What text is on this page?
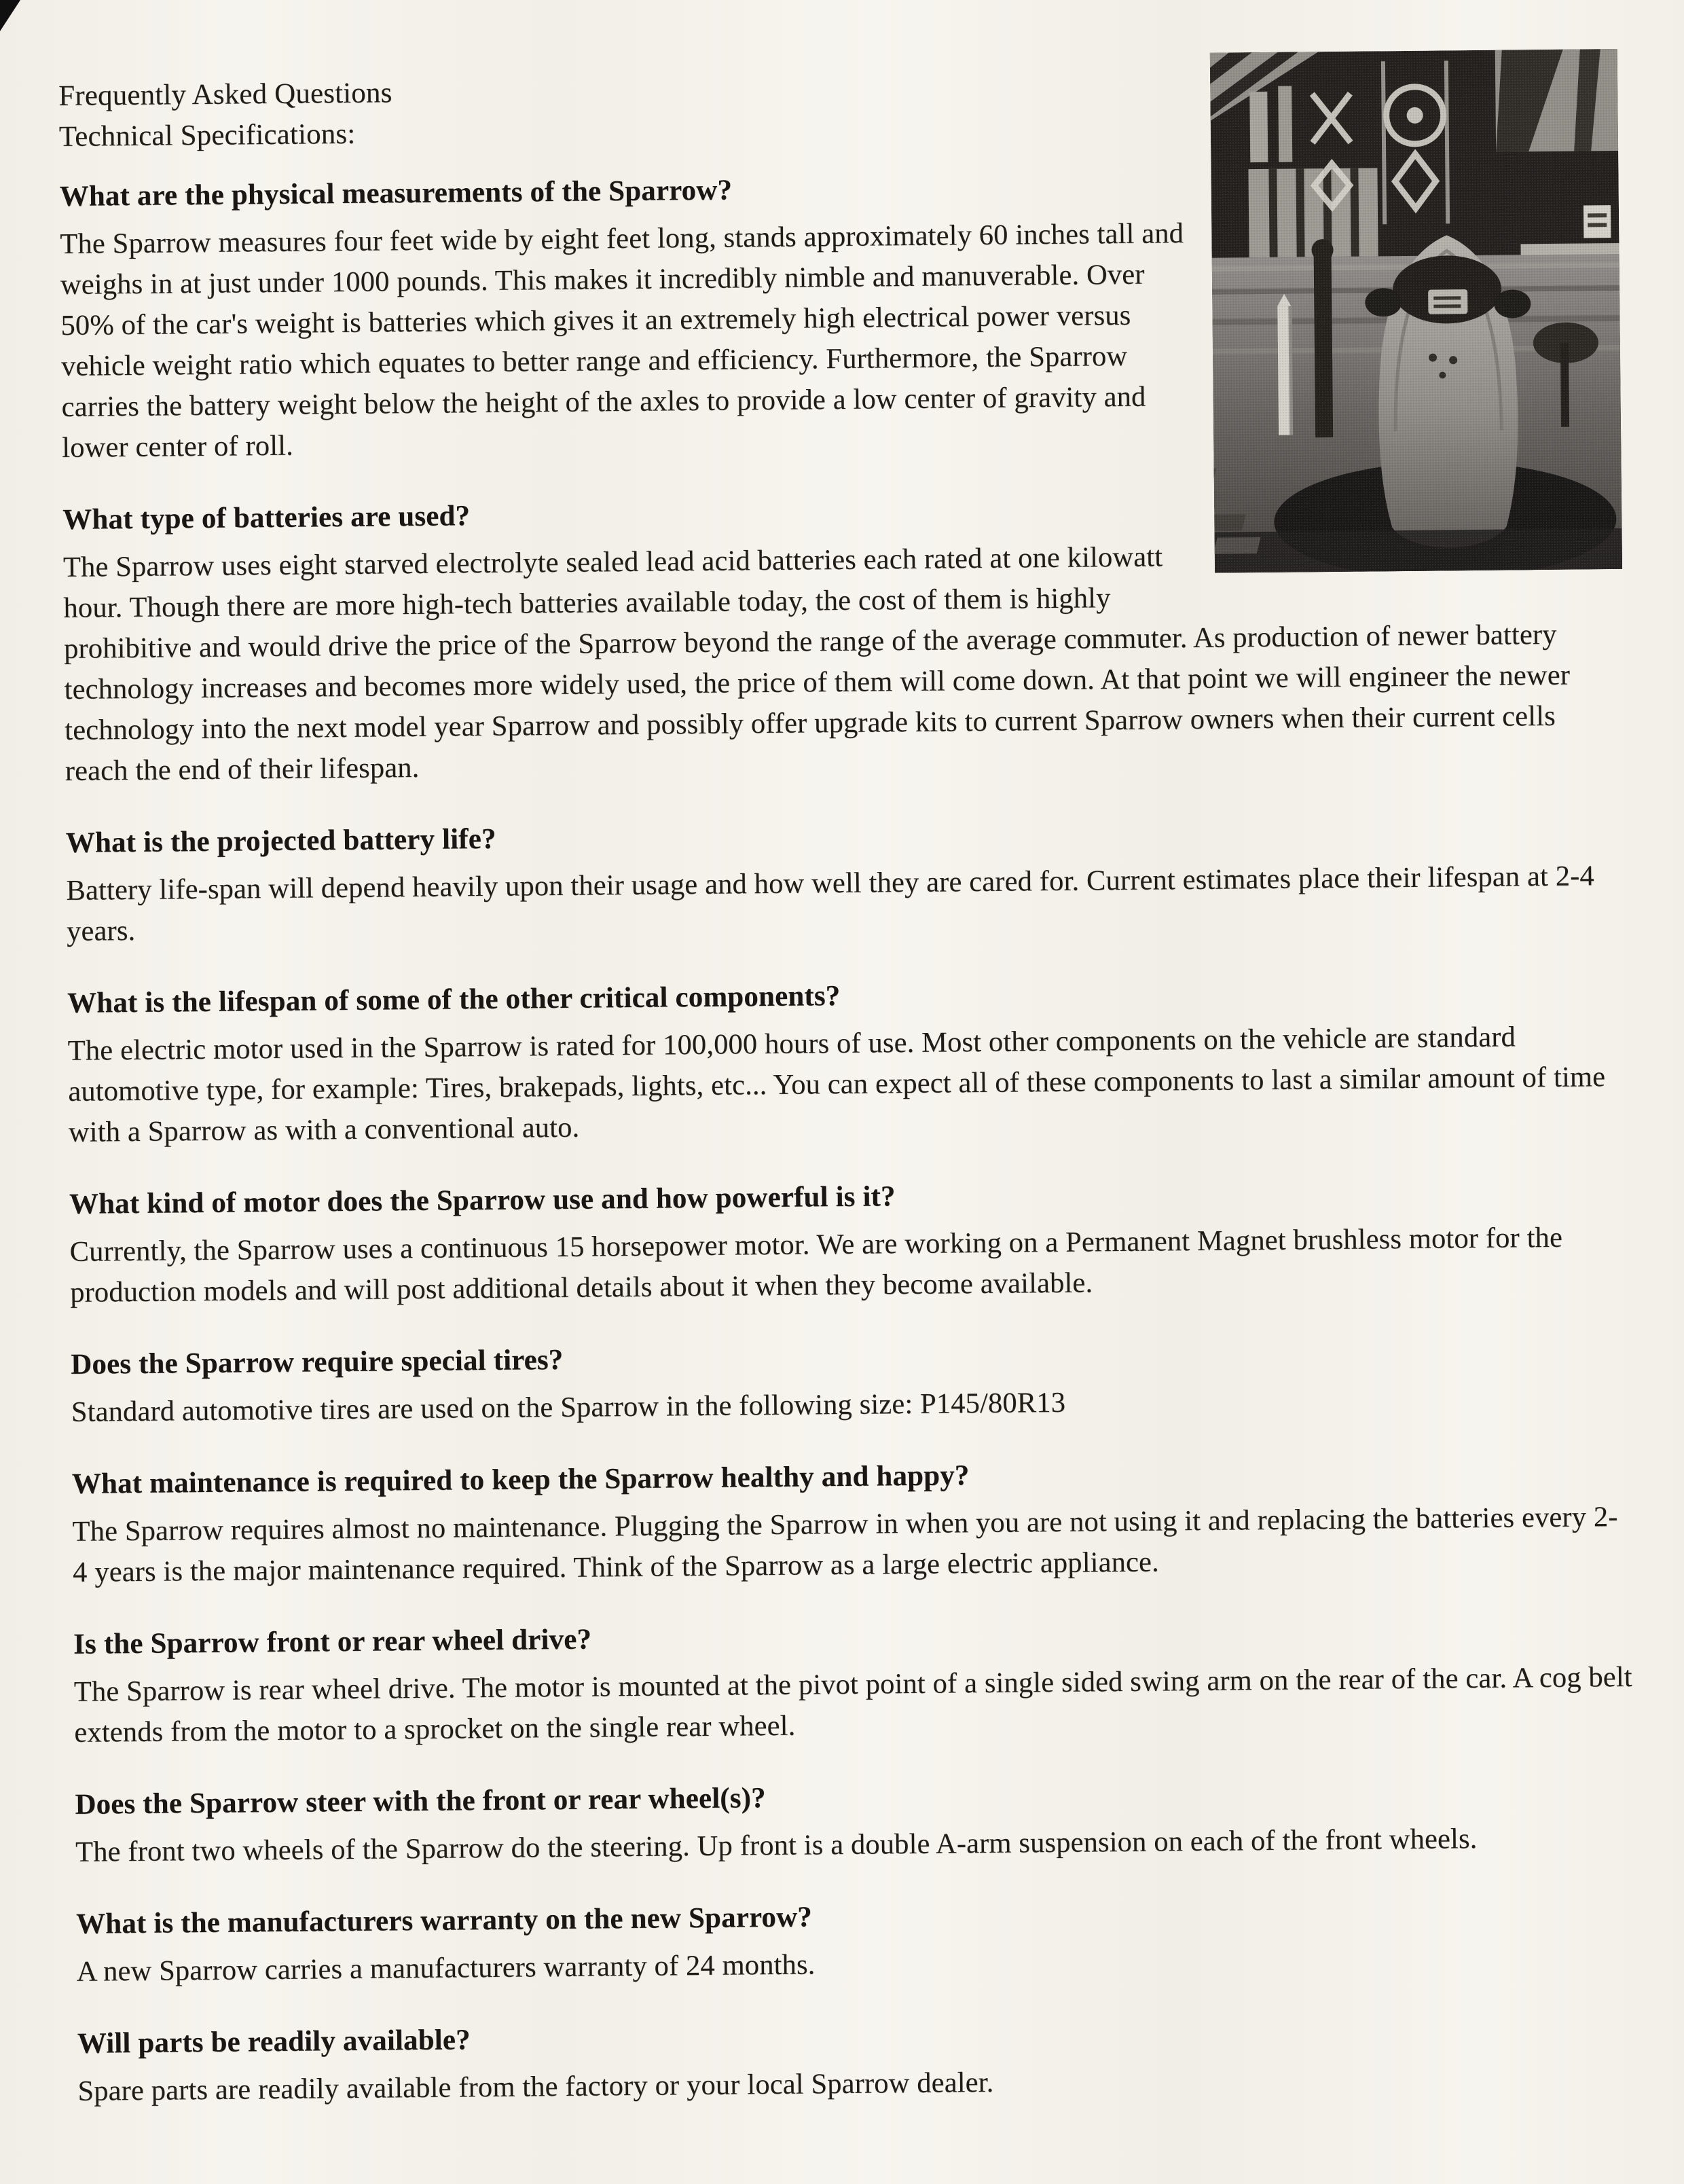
Frequently Asked Questions

Technical Specifications:

What are the physical measurements of the Sparrow?

The Sparrow measures four feet wide by eight feet long, stands approximately 60 inches tall and weighs in at just under 1000 pounds. This makes it incredibly nimble and manuverable. Over 50% of the car's weight is batteries which gives it an extremely high electrical power versus vehicle weight ratio which equates to better range and efficiency. Furthermore, the Sparrow carries the battery weight below the height of the axles to provide a low center of gravity and lower center of roll.

What type of batteries are used?

The Sparrow uses eight starved electrolyte sealed lead acid batteries each rated at one kilowatt hour. Though there are more high-tech batteries available today, the cost of them is highly prohibitive and would drive the price of the Sparrow beyond the range of the average commuter. As production of newer battery technology increases and becomes more widely used, the price of them will come down. At that point we will engineer the newer technology into the next model year Sparrow and possibly offer upgrade kits to current Sparrow owners when their current cells reach the end of their lifespan.

What is the projected battery life?

Battery life-span will depend heavily upon their usage and how well they are cared for. Current estimates place their lifespan at 2-4 years.

What is the lifespan of some of the other critical components?

The electric motor used in the Sparrow is rated for 100,000 hours of use. Most other components on the vehicle are standard automotive type, for example: Tires, brakepads, lights, etc... You can expect all of these components to last a similar amount of time with a Sparrow as with a conventional auto.

What kind of motor does the Sparrow use and how powerful is it?

Currently, the Sparrow uses a continuous 15 horsepower motor. We are working on a Permanent Magnet brushless motor for the production models and will post additional details about it when they become available.

Does the Sparrow require special tires?

Standard automotive tires are used on the Sparrow in the following size: P145/80R13

What maintenance is required to keep the Sparrow healthy and happy?

The Sparrow requires almost no maintenance. Plugging the Sparrow in when you are not using it and replacing the batteries every 2-4 years is the major maintenance required. Think of the Sparrow as a large electric appliance.

Is the Sparrow front or rear wheel drive?

The Sparrow is rear wheel drive. The motor is mounted at the pivot point of a single sided swing arm on the rear of the car. A cog belt extends from the motor to a sprocket on the single rear wheel.

Does the Sparrow steer with the front or rear wheel(s)?

The front two wheels of the Sparrow do the steering. Up front is a double A-arm suspension on each of the front wheels.

What is the manufacturers warranty on the new Sparrow?

A new Sparrow carries a manufacturers warranty of 24 months.

Will parts be readily available?

Spare parts are readily available from the factory or your local Sparrow dealer.
